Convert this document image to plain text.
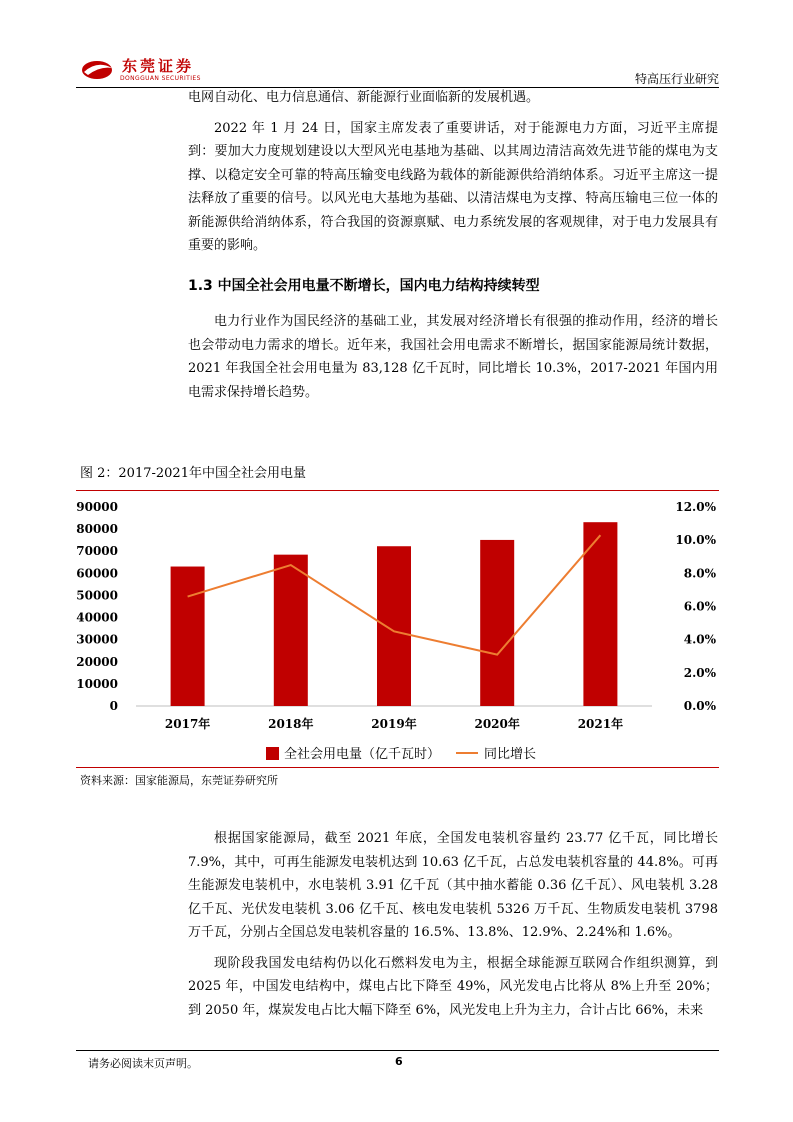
东莞证券
DONGGUAN SECURITIES	特高压行业研究

电网自动化、电力信息通信、新能源行业面临新的发展机遇。

2022 年 1 月 24 日，国家主席发表了重要讲话，对于能源电力方面，习近平主席提到：要加大力度规划建设以大型风光电基地为基础、以其周边清洁高效先进节能的煤电为支撑、以稳定安全可靠的特高压输变电线路为载体的新能源供给消纳体系。习近平主席这一提法释放了重要的信号。以风光电大基地为基础、以清洁煤电为支撑、特高压输电三位一体的新能源供给消纳体系，符合我国的资源禀赋、电力系统发展的客观规律，对于电力发展具有重要的影响。

1.3 中国全社会用电量不断增长，国内电力结构持续转型
电力行业作为国民经济的基础工业，其发展对经济增长有很强的推动作用，经济的增长也会带动电力需求的增长。近年来，我国社会用电需求不断增长，据国家能源局统计数据，2021 年我国全社会用电量为 83,128 亿千瓦时，同比增长 10.3%，2017-2021 年国内用电需求保持增长趋势。
图 2：2017-2021年中国全社会用电量
0
10000
20000
30000
40000
50000
60000
70000
80000
90000
0.0%
2.0%
4.0%
6.0%
8.0%
10.0%
12.0%
2017年	2018年	2019年	2020年	2021年
全社会用电量（亿千瓦时）	同比增长
资料来源：国家能源局，东莞证券研究所

根据国家能源局，截至 2021 年底，全国发电装机容量约 23.77 亿千瓦，同比增长 7.9%，其中，可再生能源发电装机达到 10.63 亿千瓦，占总发电装机容量的 44.8%。可再生能源发电装机中，水电装机 3.91 亿千瓦（其中抽水蓄能 0.36 亿千瓦）、风电装机 3.28 亿千瓦、光伏发电装机 3.06 亿千瓦、核电发电装机 5326 万千瓦、生物质发电装机 3798 万千瓦，分别占全国总发电装机容量的 16.5%、13.8%、12.9%、2.24%和 1.6%。

现阶段我国发电结构仍以化石燃料发电为主，根据全球能源互联网合作组织测算，到 2025 年，中国发电结构中，煤电占比下降至 49%，风光发电占比将从 8%上升至 20%；到 2050 年，煤炭发电占比大幅下降至 6%，风光发电上升为主力，合计占比 66%，未来

请务必阅读末页声明。	6
